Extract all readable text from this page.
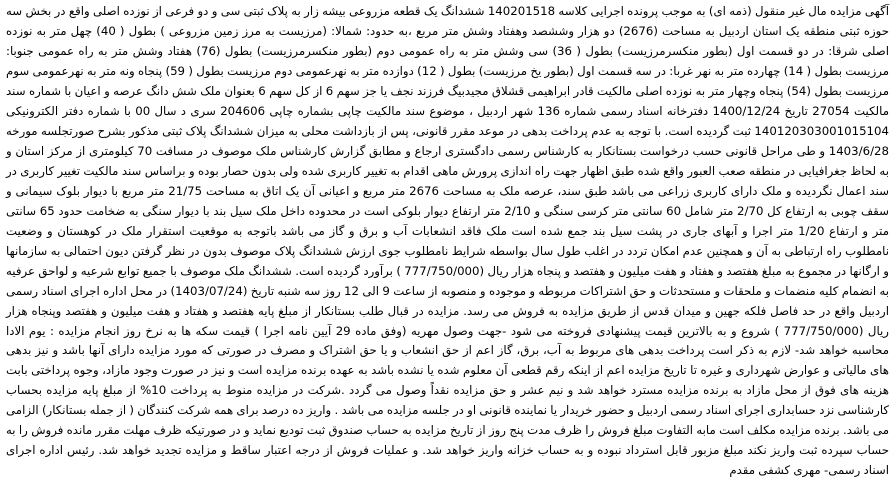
آگهی مزایده مال غیر منقول (ذمه ای) به موجب پرونده اجرایی کلاسه 140201518 ششدانگ یک قطعه مزروعی بیشه زار به پلاک ثبتی سی و دو فرعی از نوزده اصلی واقع در بخش سه حوزه ثبتی منطقه یک استان اردبیل به مساحت (2676) دو هزار وششصد وهفتاد وشش متر مربع ،به حدود: شمالا: (مرزیست به مرز زمین مزروعی ) بطول ( 40) چهل متر به نوزده اصلی شرقا: در دو قسمت اول (بطور منکسرمرزیست) بطول ( 36) سی وشش متر به راه عمومی دوم (بطور منکسرمرزیست) بطول (76) هفتاد وشش متر به راه عمومی جنوبا: مرزیست بطول ( 14) چهارده متر به نهر غربا: در سه قسمت اول (بطور یخ مرزیست) بطول ( 12) دوازده متر به نهرعمومی دوم مرزیست بطول ( 59) پنجاه ونه متر به نهرعمومی سوم مرزیست بطول (54) پنجاه وچهار متر به نوزده اصلی مالکیت قادر ابراهیمی قشلاق مجیدبیگ فرزند نجف یا جز سهم 6 از کل سهم 6 بعنوان ملک شش دانگ عرصه و اعیان با شماره سند مالکیت 27054 تاریخ 1400/12/24 دفترخانه اسناد رسمی شماره 136 شهر اردبیل ، موضوع سند مالکیت چاپی بشماره چاپی 204606 سری د سال 00 با شماره دفتر الکترونیکی 140120303001015104 ثبت گردیده است. با توجه به عدم پرداخت بدهی در موعد مقرر قانونی، پس از بازداشت محلی به میزان ششدانگ پلاک ثبتی مذکور بشرح صورتجلسه مورخه 1403/6/28 و طی مراحل قانونی حسب درخواست بستانکار به کارشناس رسمی دادگستری ارجاع و مطابق گزارش کارشناس ملک موصوف در مسافت 70 کیلومتری از مرکز استان و به لحاظ جغرافیایی در منطقه صعب العبور واقع شده طبق اظهار جهت راه اندازی پرورش ماهی اقدام به تغییر کاربری شده ولی بدون حصار بوده و براساس سند مالکیت تغییر کاربری در سند اعمال نگردیده و ملک دارای کاربری زراعی می باشد طبق سند، عرصه ملک به مساحت 2676 متر مربع و اعیانی آن یک اتاق به مساحت 21/75 متر مربع با دیوار بلوک سیمانی و سقف چوبی به ارتفاع کل 2/70 متر شامل 60 سانتی متر کرسی سنگی و 2/10 متر ارتفاع دیوار بلوکی است در محدوده داخل ملک سیل بند با دیوار سنگی به ضخامت حدود 65 سانتی متر و ارتفاع 1/20 متر اجرا و آبهای جاری در پشت سیل بند جمع شده است ملک فاقد انشعابات آب و برق و گاز می باشد باتوجه به موقعیت استقرار ملک در کوهستان و وضعیت نامطلوب راه ارتباطی به آن و همچنین عدم امکان تردد در اغلب طول سال بواسطه شرایط نامطلوب جوی ارزش ششدانگ پلاک موصوف بدون در نظر گرفتن دیون احتمالی به سازمانها و ارگانها در مجموع به مبلغ هفتصد و هفتاد و هفت میلیون و هفتصد و پنجاه هزار ریال (777/750/000 ) برآورد گردیده است. ششدانگ ملک موصوف با جمیع توابع شرعیه و لواحق عرفیه به انضمام کلیه منضمات و ملحقات و مستحدثات و حق اشتراکات مربوطه و موجوده و منصوبه از ساعت 9 الی 12 روز سه شنبه تاریخ (1403/07/24) در محل اداره اجرای اسناد رسمی اردبیل واقع در حد فاصل فلکه جهین و میدان قدس از طریق مزایده به فروش می رسد. مزایده در قبال طلب بستانکار از مبلغ پایه هفتصد و هفتاد و هفت میلیون و هفتصد وپنجاه هزار ریال (777/750/000 ) شروع و به بالاترین قیمت پیشنهادی فروخته می شود -جهت وصول مهریه (وفق ماده 29 آیین نامه اجرا ) قیمت سکه ها به نرخ روز انجام مزایده : یوم الادا محاسبه خواهد شد- لازم به ذکر است پرداخت بدهی های مربوط به آب، برق، گاز اعم از حق انشعاب و یا حق اشتراک و مصرف در صورتی که مورد مزایده دارای آنها باشد و نیز بدهی های مالیاتی و عوارض شهرداری و غیره تا تاریخ مزایده اعم از اینکه رقم قطعی آن معلوم شده یا نشده باشد به عهده برنده مزایده است و نیز در صورت وجود مازاد، وجوه پرداختی بابت هزینه های فوق از محل مازاد به برنده مزایده مسترد خواهد شد و نیم عشر و حق مزایده نقداً وصول می گردد .شرکت در مزایده منوط به پرداخت 10% از مبلغ پایه مزایده بحساب کارشناسی نزد حسابداری اجرای اسناد رسمی اردبیل و حضور خریدار یا نماینده قانونی او در جلسه مزایده می باشد . واریز ده درصد برای همه شرکت کنندگان ( از جمله بستانکار) الزامی می باشد. برنده مزایده مکلف است مابه التفاوت مبلغ فروش را ظرف مدت پنج روز از تاریخ مزایده به حساب صندوق ثبت تودیع نماید و در صورتیکه ظرف مهلت مقرر مانده فروش را به حساب سپرده ثبت واریز نکند مبلغ مزبور قابل استرداد نبوده و به حساب خزانه واریز خواهد شد. و عملیات فروش از درجه اعتبار ساقط و مزایده تجدید خواهد شد. رئیس اداره اجرای اسناد رسمی- مهری کشفی مقدم
